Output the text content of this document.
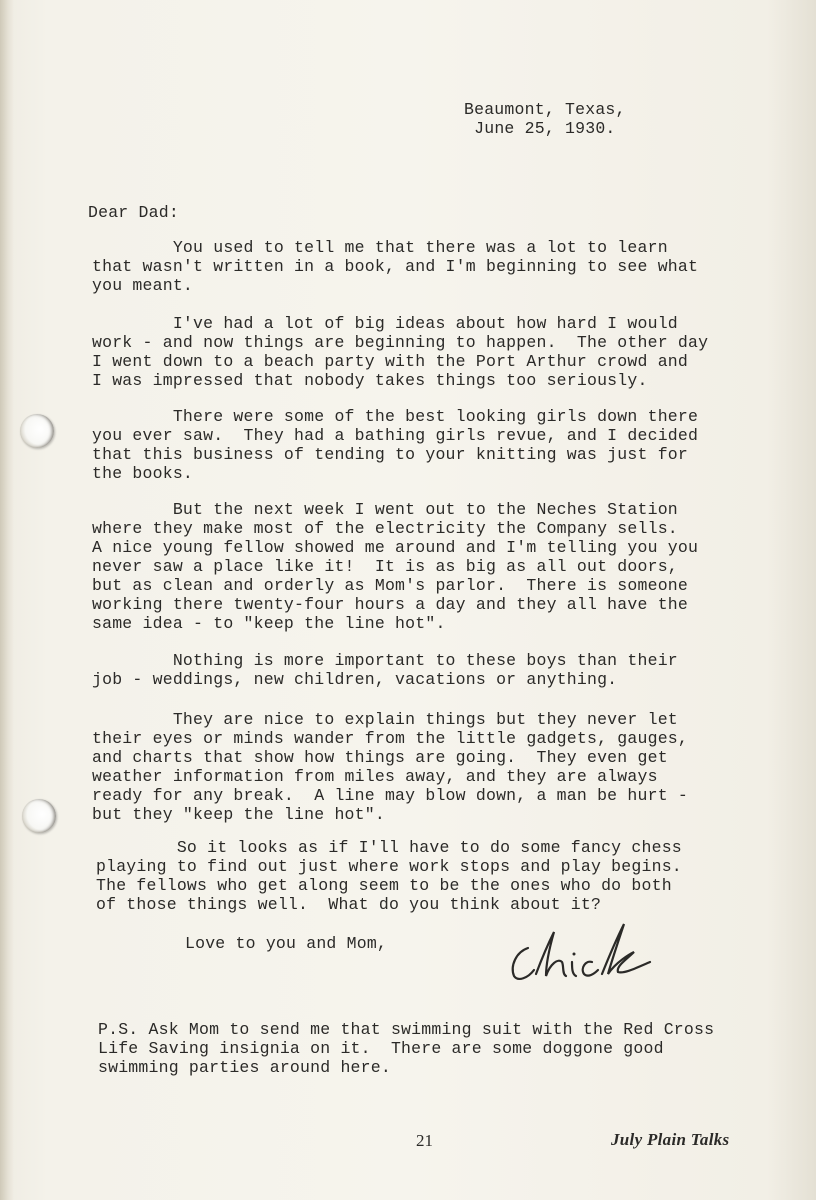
Beaumont, Texas,
June 25, 1930.
Dear Dad:
You used to tell me that there was a lot to learn
that wasn't written in a book, and I'm beginning to see what
you meant.
I've had a lot of big ideas about how hard I would
work - and now things are beginning to happen.  The other day
I went down to a beach party with the Port Arthur crowd and
I was impressed that nobody takes things too seriously.
There were some of the best looking girls down there
you ever saw.  They had a bathing girls revue, and I decided
that this business of tending to your knitting was just for
the books.
But the next week I went out to the Neches Station
where they make most of the electricity the Company sells.
A nice young fellow showed me around and I'm telling you you
never saw a place like it!  It is as big as all out doors,
but as clean and orderly as Mom's parlor.  There is someone
working there twenty-four hours a day and they all have the
same idea - to "keep the line hot".
Nothing is more important to these boys than their
job - weddings, new children, vacations or anything.
They are nice to explain things but they never let
their eyes or minds wander from the little gadgets, gauges,
and charts that show how things are going.  They even get
weather information from miles away, and they are always
ready for any break.  A line may blow down, a man be hurt -
but they "keep the line hot".
So it looks as if I'll have to do some fancy chess
playing to find out just where work stops and play begins.
The fellows who get along seem to be the ones who do both
of those things well.  What do you think about it?
Love to you and Mom,
P.S. Ask Mom to send me that swimming suit with the Red Cross
Life Saving insignia on it.  There are some doggone good
swimming parties around here.
21	July Plain Talks
